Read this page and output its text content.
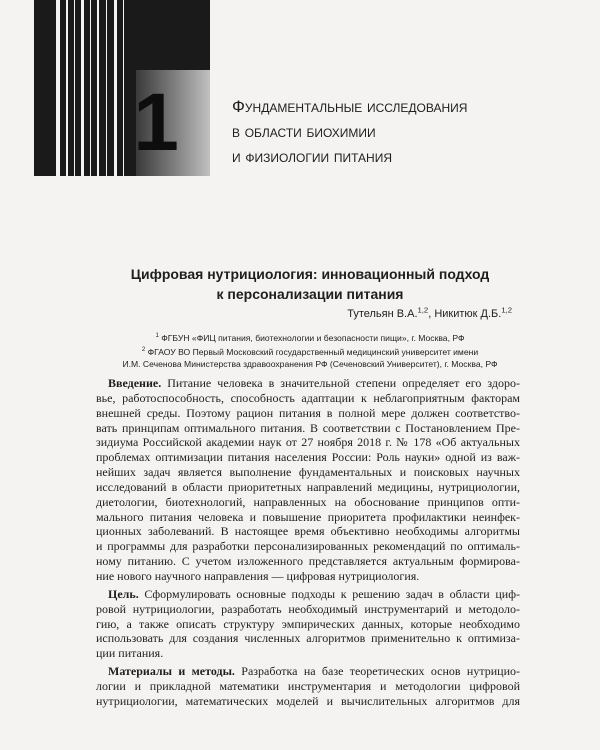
1	Фундаментальные исследования
в области биохимии
и физиологии питания
Цифровая нутрициология: инновационный подход
к персонализации питания
Тутельян В.А.$^{1,2}$, Никитюк Д.Б.$^{1,2}$
$^1$ ФГБУН «ФИЦ питания, биотехнологии и безопасности пищи», г. Москва, РФ
$^2$ ФГАОУ ВО Первый Московский государственный медицинский университет имени
И.М. Сеченова Министерства здравоохранения РФ (Сеченовский Университет), г. Москва, РФ
Введение. Питание человека в значительной степени определяет его здоро-
вье, работоспособность, способность адаптации к неблагоприятным факторам
внешней среды. Поэтому рацион питания в полной мере должен соответство-
вать принципам оптимального питания. В соответствии с Постановлением Пре-
зидиума Российской академии наук от 27 ноября 2018 г. № 178 «Об актуальных
проблемах оптимизации питания населения России: Роль науки» одной из важ-
нейших задач является выполнение фундаментальных и поисковых научных
исследований в области приоритетных направлений медицины, нутрициологии,
диетологии, биотехнологий, направленных на обоснование принципов опти-
мального питания человека и повышение приоритета профилактики неинфек-
ционных заболеваний. В настоящее время объективно необходимы алгоритмы
и программы для разработки персонализированных рекомендаций по оптималь-
ному питанию. С учетом изложенного представляется актуальным формирова-
ние нового научного направления — цифровая нутрициология.
Цель. Сформулировать основные подходы к решению задач в области циф-
ровой нутрициологии, разработать необходимый инструментарий и методоло-
гию, а также описать структуру эмпирических данных, которые необходимо
использовать для создания численных алгоритмов применительно к оптимиза-
ции питания.
Материалы и методы. Разработка на базе теоретических основ нутрицио-
логии и прикладной математики инструментария и методологии цифровой
нутрициологии, математических моделей и вычислительных алгоритмов для
